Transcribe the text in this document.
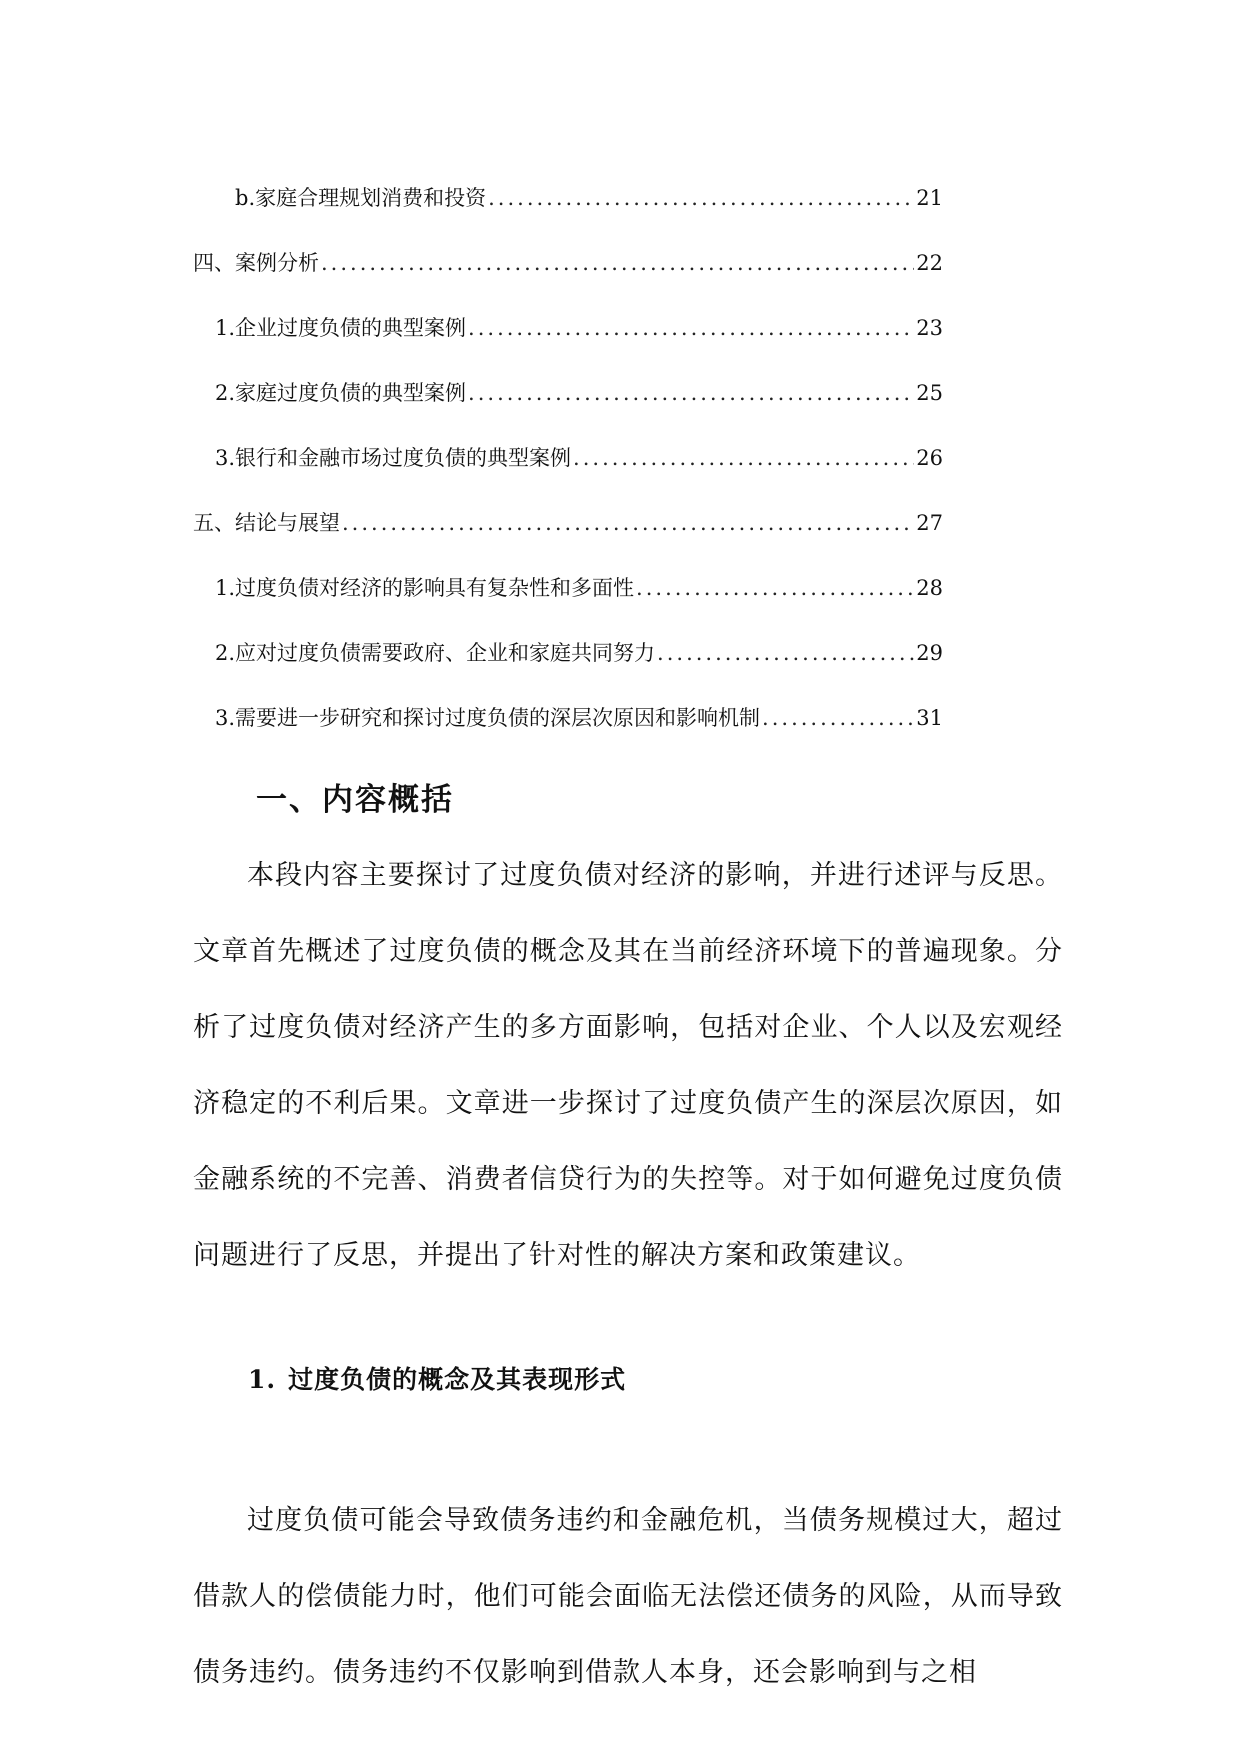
b. 家庭合理规划消费和投资 .....	21
四、案例分析 .....	22
1. 企业过度负债的典型案例 .....	23
2. 家庭过度负债的典型案例 .....	25
3. 银行和金融市场过度负债的典型案例 .....	26
五、结论与展望 .....	27
1. 过度负债对经济的影响具有复杂性和多面性 .....	28
2. 应对过度负债需要政府、企业和家庭共同努力 .....	29
3. 需要进一步研究和探讨过度负债的深层次原因和影响机制 .....	31
一、内容概括

本段内容主要探讨了过度负债对经济的影响，并进行述评与反思。文章首先概述了过度负债的概念及其在当前经济环境下的普遍现象。分析了过度负债对经济产生的多方面影响，包括对企业、个人以及宏观经济稳定的不利后果。文章进一步探讨了过度负债产生的深层次原因，如金融系统的不完善、消费者信贷行为的失控等。对于如何避免过度负债问题进行了反思，并提出了针对性的解决方案和政策建议。

1. 过度负债的概念及其表现形式

过度负债可能会导致债务违约和金融危机，当债务规模过大，超过借款人的偿债能力时，他们可能会面临无法偿还债务的风险，从而导致债务违约。债务违约不仅影响到借款人本身，还会影响到与之相
